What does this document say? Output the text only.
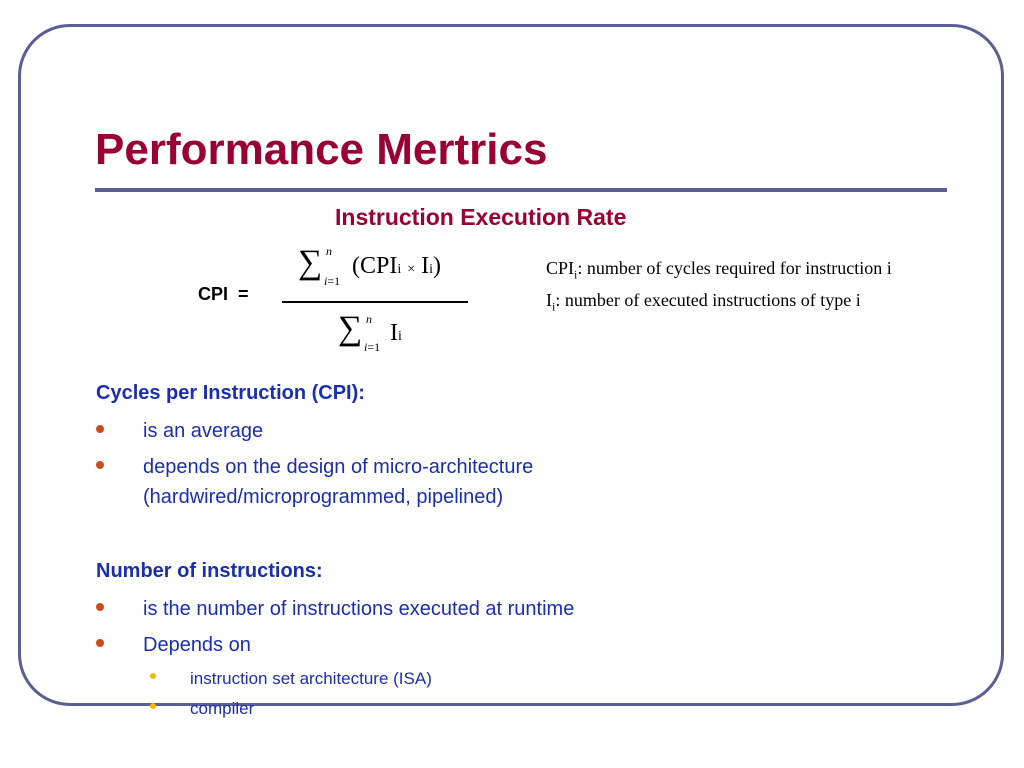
Performance Mertrics
Instruction Execution Rate
CPI  =
∑ n
i=1
(CPIi × Ii)
∑ n
i=1
Ii
$CPI_i$: number of cycles required for instruction i
$I_i$: number of executed instructions of type i
Cycles per Instruction (CPI):
is an average
depends on the design of micro-architecture
(hardwired/microprogrammed, pipelined)
Number of instructions:
is the number of instructions executed at runtime
Depends on
instruction set architecture (ISA)
compiler
